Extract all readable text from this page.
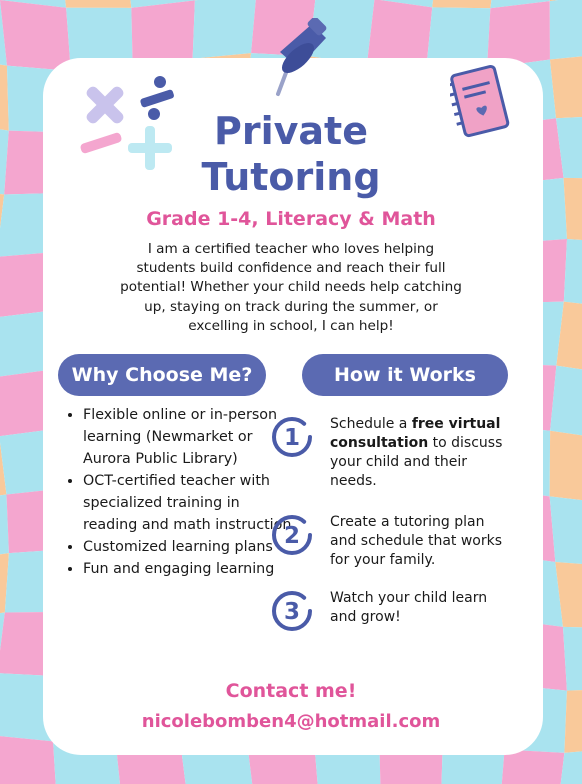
Private
Tutoring
Grade 1-4, Literacy & Math
I am a certified teacher who loves helping students build confidence and reach their full potential! Whether your child needs help catching up, staying on track during the summer, or excelling in school, I can help!
Why Choose Me?	How it Works
• Flexible online or in-person learning (Newmarket or Aurora Public Library)
• OCT-certified teacher with specialized training in reading and math instruction
• Customized learning plans
• Fun and engaging learning
1
Schedule a free virtual consultation to discuss your child and their needs.
2
Create a tutoring plan and schedule that works for your family.
3
Watch your child learn and grow!
Contact me!
nicolebomben4@hotmail.com
